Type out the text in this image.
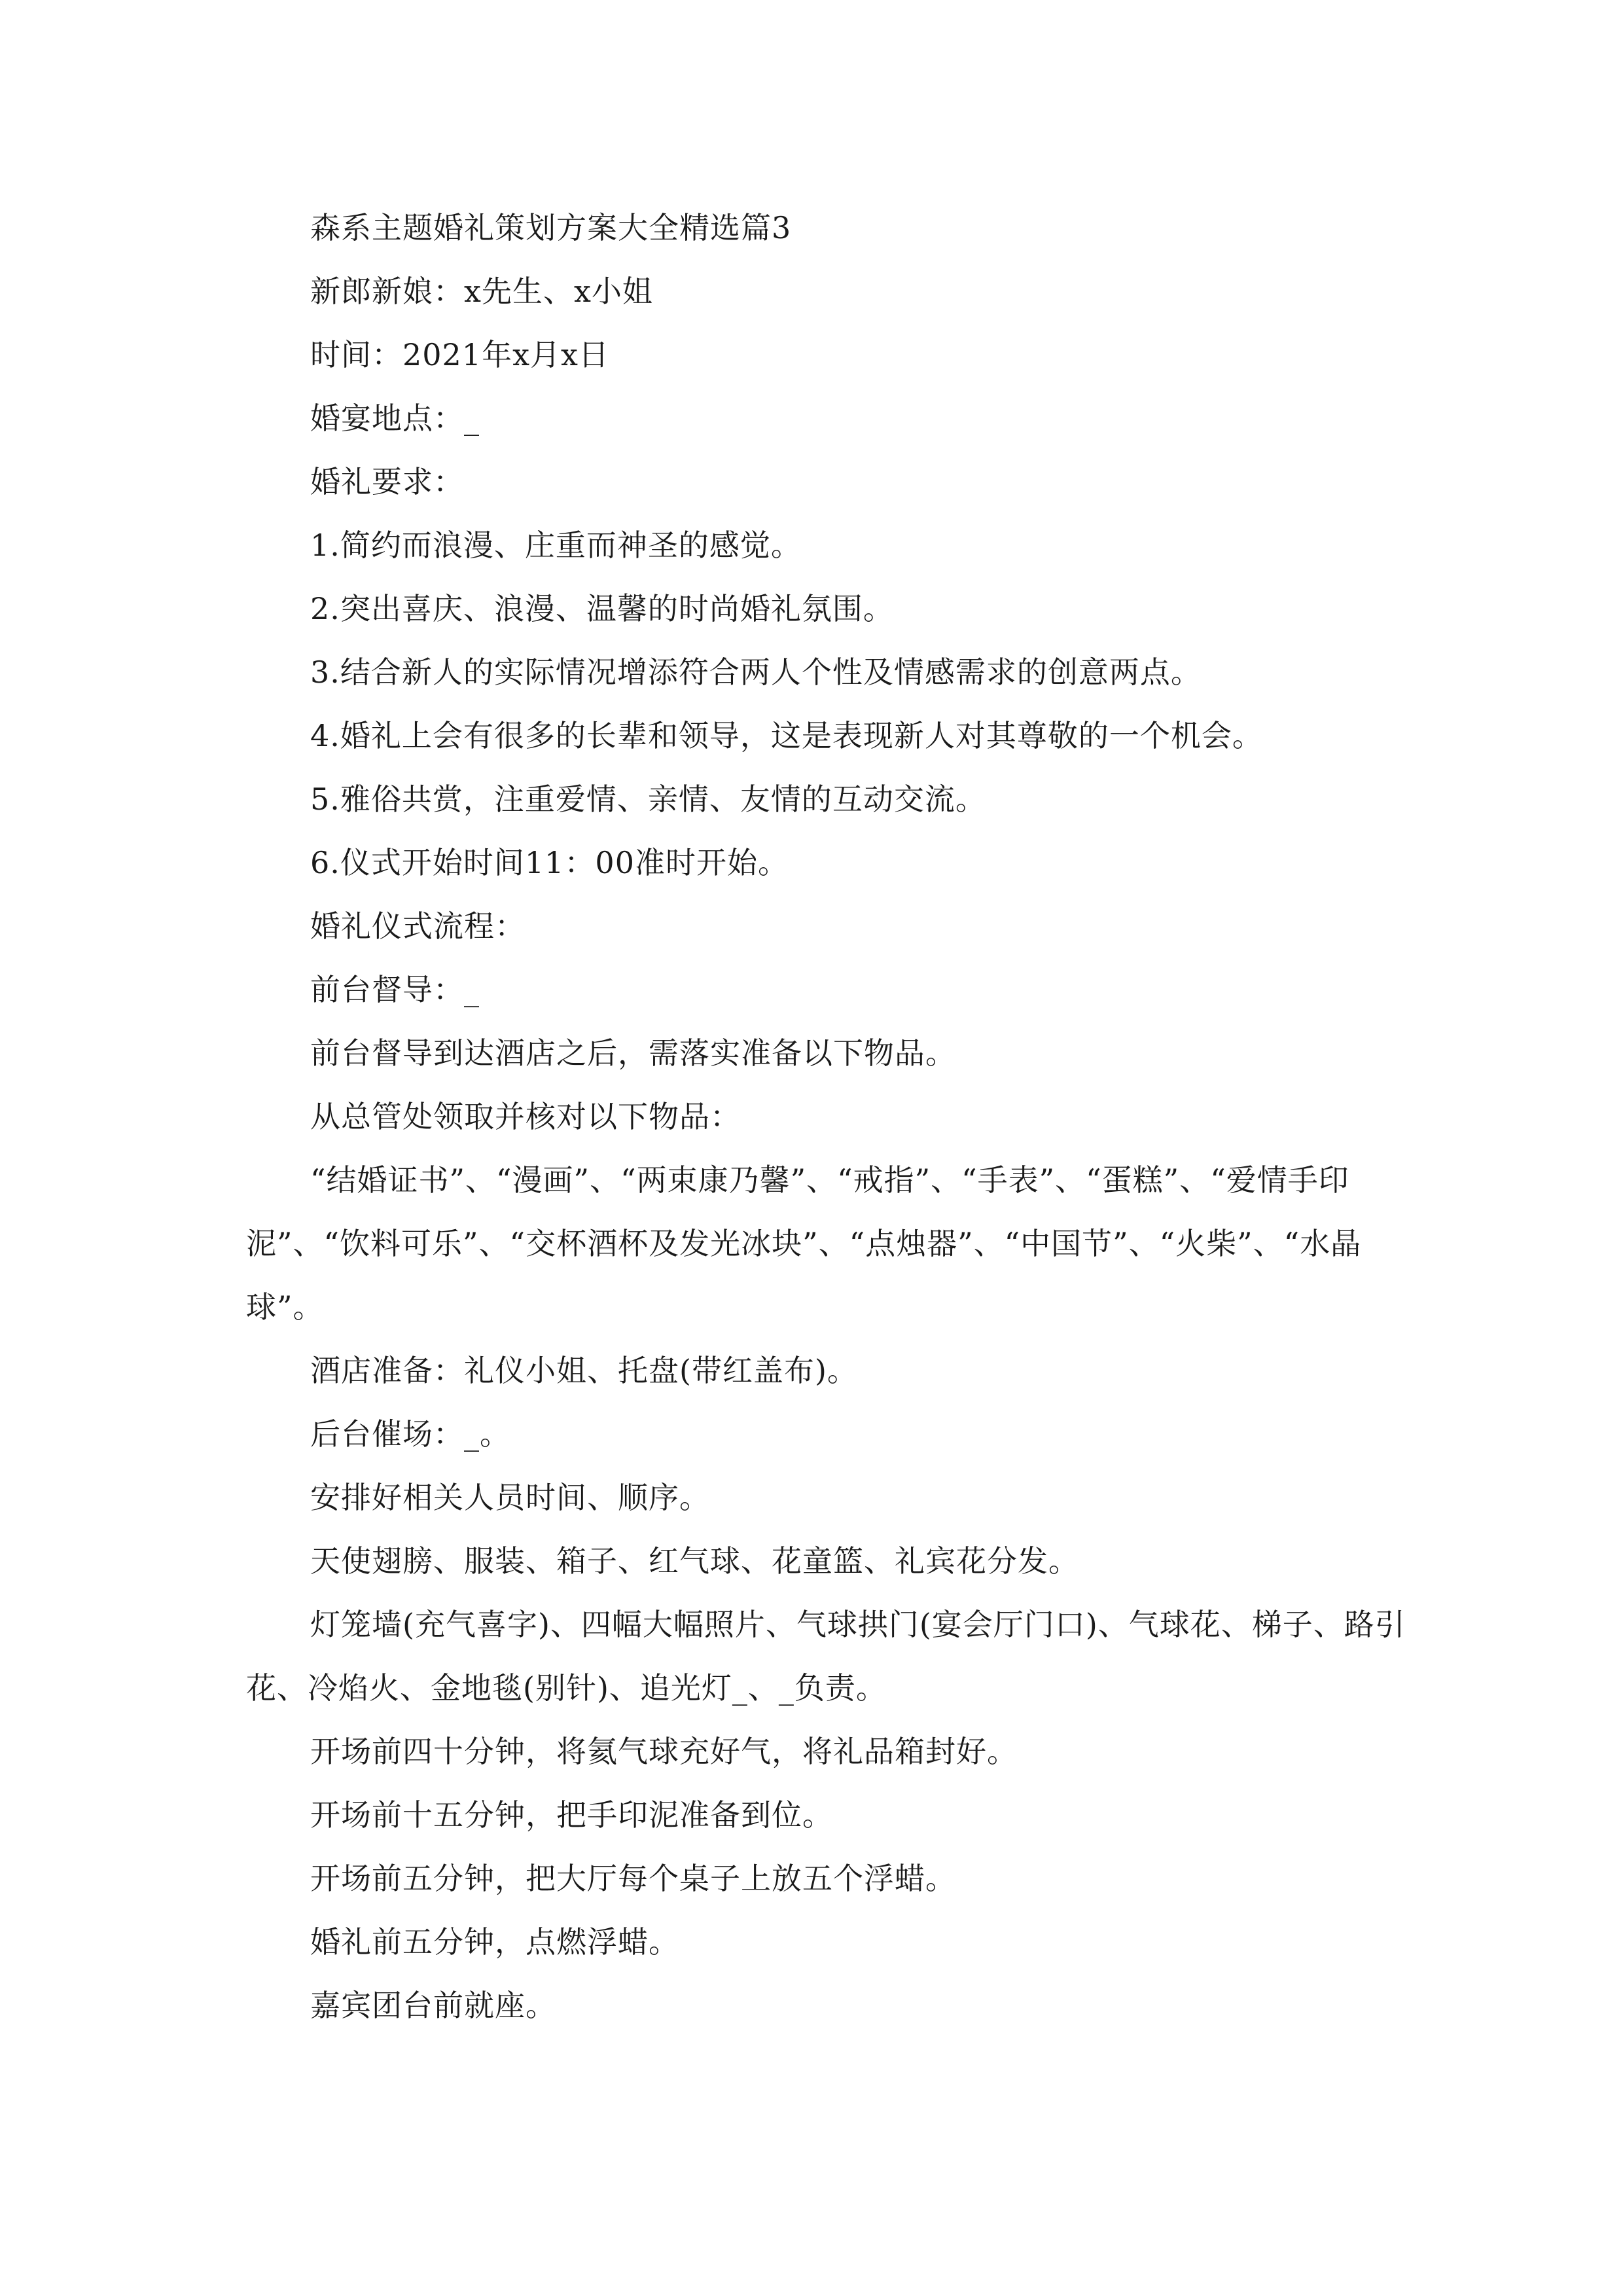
森系主题婚礼策划方案大全精选篇3

新郎新娘：x先生、x小姐

时间：2021年x月x日

婚宴地点：_

婚礼要求：

1.简约而浪漫、庄重而神圣的感觉。

2.突出喜庆、浪漫、温馨的时尚婚礼氛围。

3.结合新人的实际情况增添符合两人个性及情感需求的创意两点。

4.婚礼上会有很多的长辈和领导，这是表现新人对其尊敬的一个机会。

5.雅俗共赏，注重爱情、亲情、友情的互动交流。

6.仪式开始时间11：00准时开始。

婚礼仪式流程：

前台督导：_

前台督导到达酒店之后，需落实准备以下物品。

从总管处领取并核对以下物品：

“结婚证书”、“漫画”、“两束康乃馨”、“戒指”、“手表”、“蛋糕”、“爱情手印泥”、“饮料可乐”、“交杯酒杯及发光冰块”、“点烛器”、“中国节”、“火柴”、“水晶球”。

酒店准备：礼仪小姐、托盘(带红盖布)。

后台催场：_。

安排好相关人员时间、顺序。

天使翅膀、服装、箱子、红气球、花童篮、礼宾花分发。

灯笼墙(充气喜字)、四幅大幅照片、气球拱门(宴会厅门口)、气球花、梯子、路引花、冷焰火、金地毯(别针)、追光灯_、_负责。

开场前四十分钟，将氦气球充好气，将礼品箱封好。

开场前十五分钟，把手印泥准备到位。

开场前五分钟，把大厅每个桌子上放五个浮蜡。

婚礼前五分钟，点燃浮蜡。

嘉宾团台前就座。
